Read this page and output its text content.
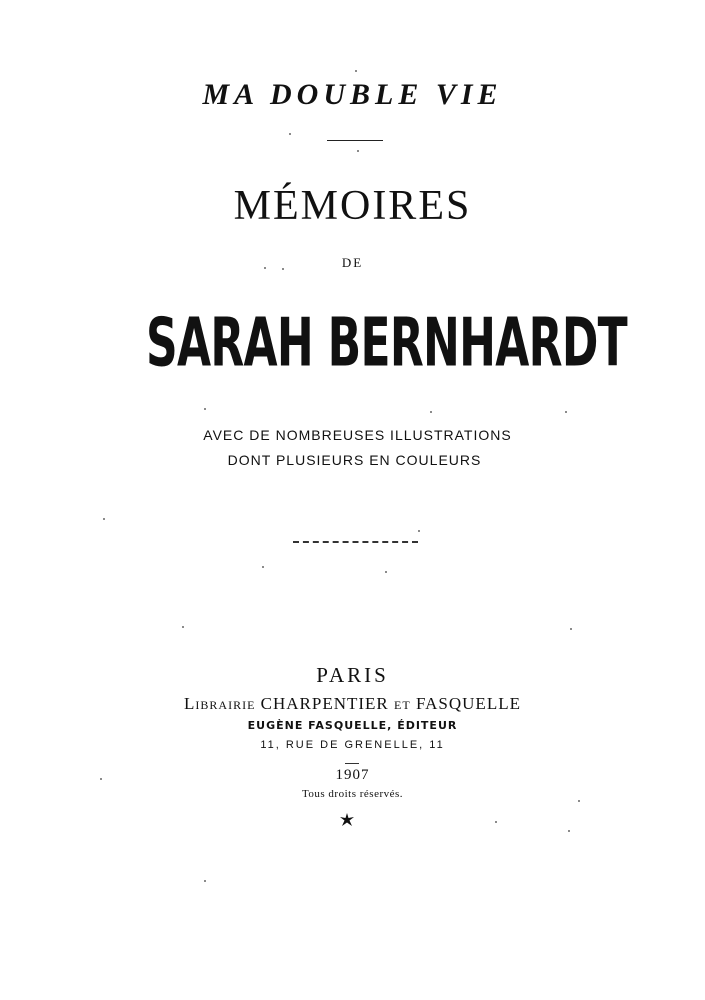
MA DOUBLE VIE
MÉMOIRES
DE
SARAH BERNHARDT
AVEC DE NOMBREUSES ILLUSTRATIONS
DONT PLUSIEURS EN COULEURS
PARIS
Librairie CHARPENTIER et FASQUELLE
EUGÈNE FASQUELLE, ÉDITEUR
11, RUE DE GRENELLE, 11
1907
Tous droits réservés.
